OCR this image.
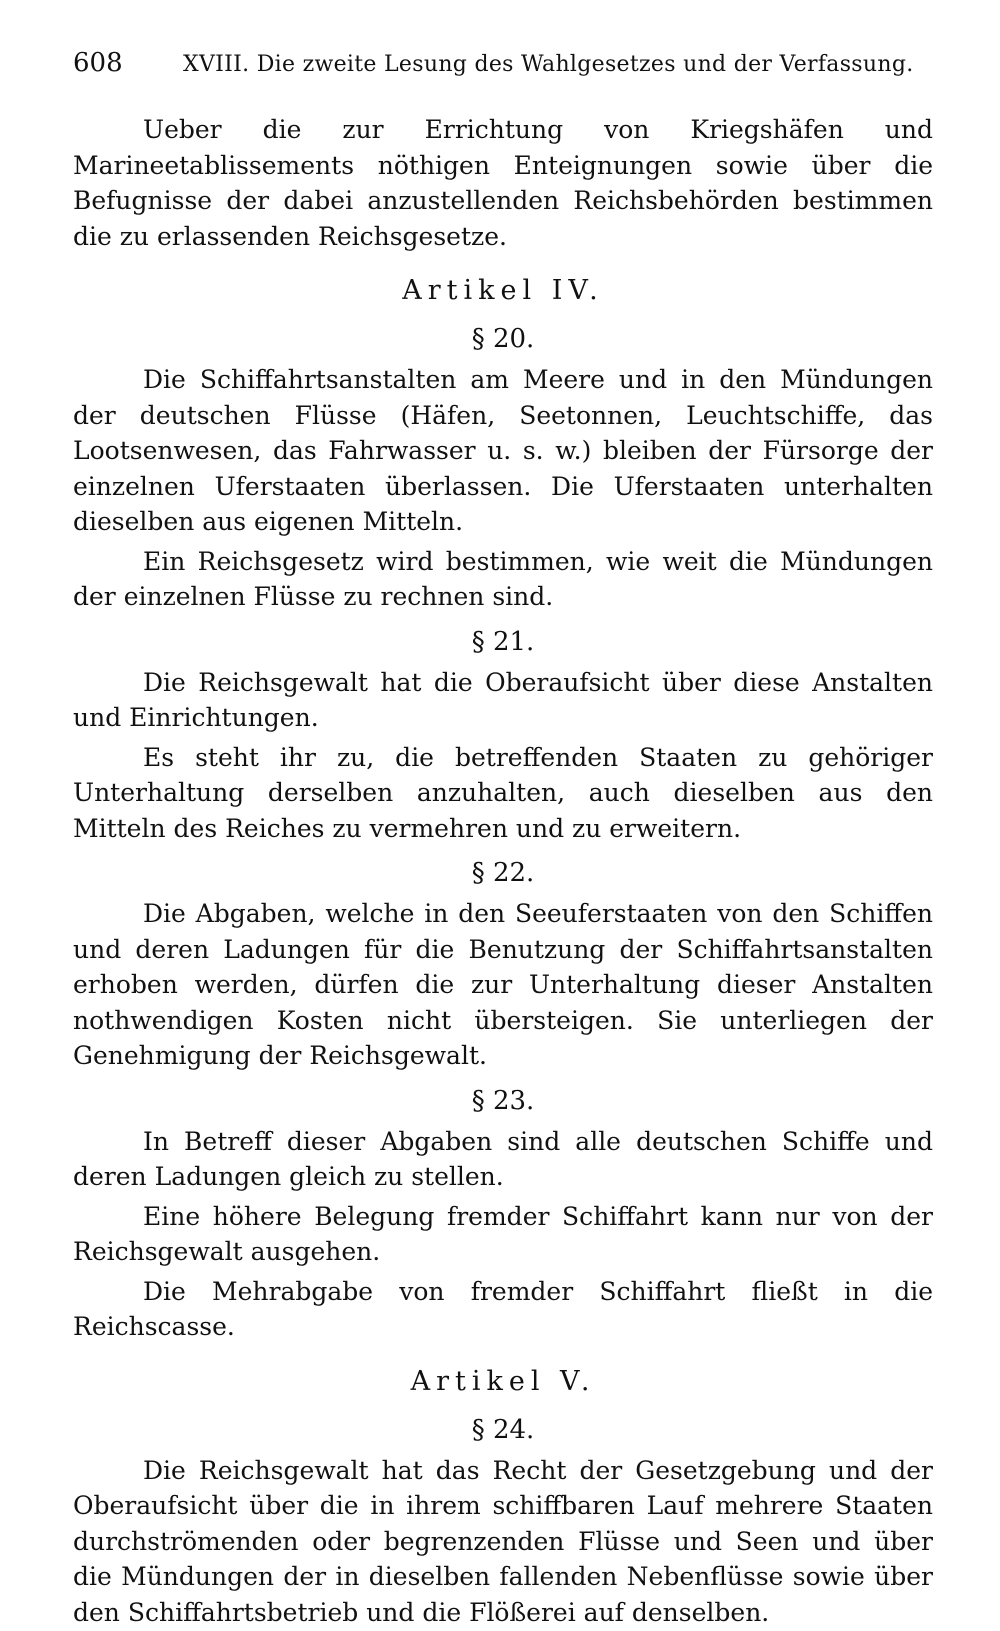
608	XVIII. Die zweite Lesung des Wahlgesetzes und der Verfassung.

Ueber die zur Errichtung von Kriegshäfen und Marineetablissements nöthigen Enteignungen sowie über die Befugnisse der dabei anzustellenden Reichsbehörden bestimmen die zu erlassenden Reichsgesetze.

Artikel IV.
§ 20.

Die Schiffahrtsanstalten am Meere und in den Mündungen der deutschen Flüsse (Häfen, Seetonnen, Leuchtschiffe, das Lootsenwesen, das Fahrwasser u. s. w.) bleiben der Fürsorge der einzelnen Uferstaaten überlassen. Die Uferstaaten unterhalten dieselben aus eigenen Mitteln.

Ein Reichsgesetz wird bestimmen, wie weit die Mündungen der einzelnen Flüsse zu rechnen sind.

§ 21.

Die Reichsgewalt hat die Oberaufsicht über diese Anstalten und Einrichtungen.

Es steht ihr zu, die betreffenden Staaten zu gehöriger Unterhaltung derselben anzuhalten, auch dieselben aus den Mitteln des Reiches zu vermehren und zu erweitern.

§ 22.

Die Abgaben, welche in den Seeuferstaaten von den Schiffen und deren Ladungen für die Benutzung der Schiffahrtsanstalten erhoben werden, dürfen die zur Unterhaltung dieser Anstalten nothwendigen Kosten nicht übersteigen. Sie unterliegen der Genehmigung der Reichsgewalt.

§ 23.

In Betreff dieser Abgaben sind alle deutschen Schiffe und deren Ladungen gleich zu stellen.

Eine höhere Belegung fremder Schiffahrt kann nur von der Reichsgewalt ausgehen.

Die Mehrabgabe von fremder Schiffahrt fließt in die Reichscasse.

Artikel V.
§ 24.

Die Reichsgewalt hat das Recht der Gesetzgebung und der Oberaufsicht über die in ihrem schiffbaren Lauf mehrere Staaten durchströmenden oder begrenzenden Flüsse und Seen und über die Mündungen der in dieselben fallenden Nebenflüsse sowie über den Schiffahrtsbetrieb und die Flößerei auf denselben.
